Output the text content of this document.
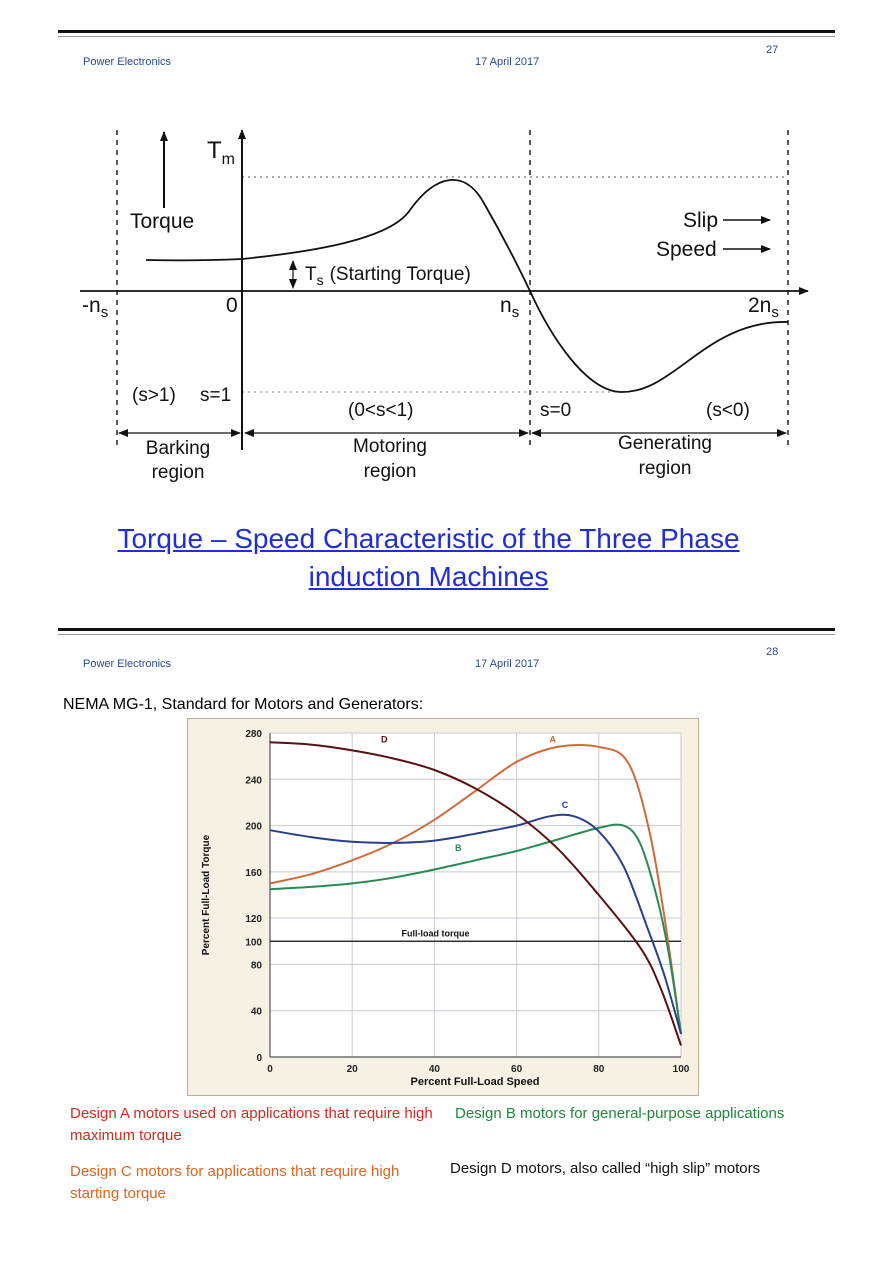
Power Electronics	17 April 2017
27
$T_m$
Torque	Slip
Speed
$T_s$ (Starting Torque)
$-n_s$	0	$n_s$	$2n_s$
(s>1) s=1
(0<s<1)	s=0	(s<0)
Barking
region
Motoring
region
Generating
region
Torque – Speed Characteristic of the Three Phase
induction Machines
Power Electronics	17 April 2017
28
NEMA MG-1, Standard for Motors and Generators:
0
40
80
100
120
160
200
240
280
0	20	40	60	80	100
Full-load torque
A
B
C
D
Percent Full-Load Speed
Percent Full-Load Torque
Design A motors used on applications that require high maximum torque
Design B motors for general-purpose applications
Design C motors for applications that require high starting torque
Design D motors, also called “high slip” motors
